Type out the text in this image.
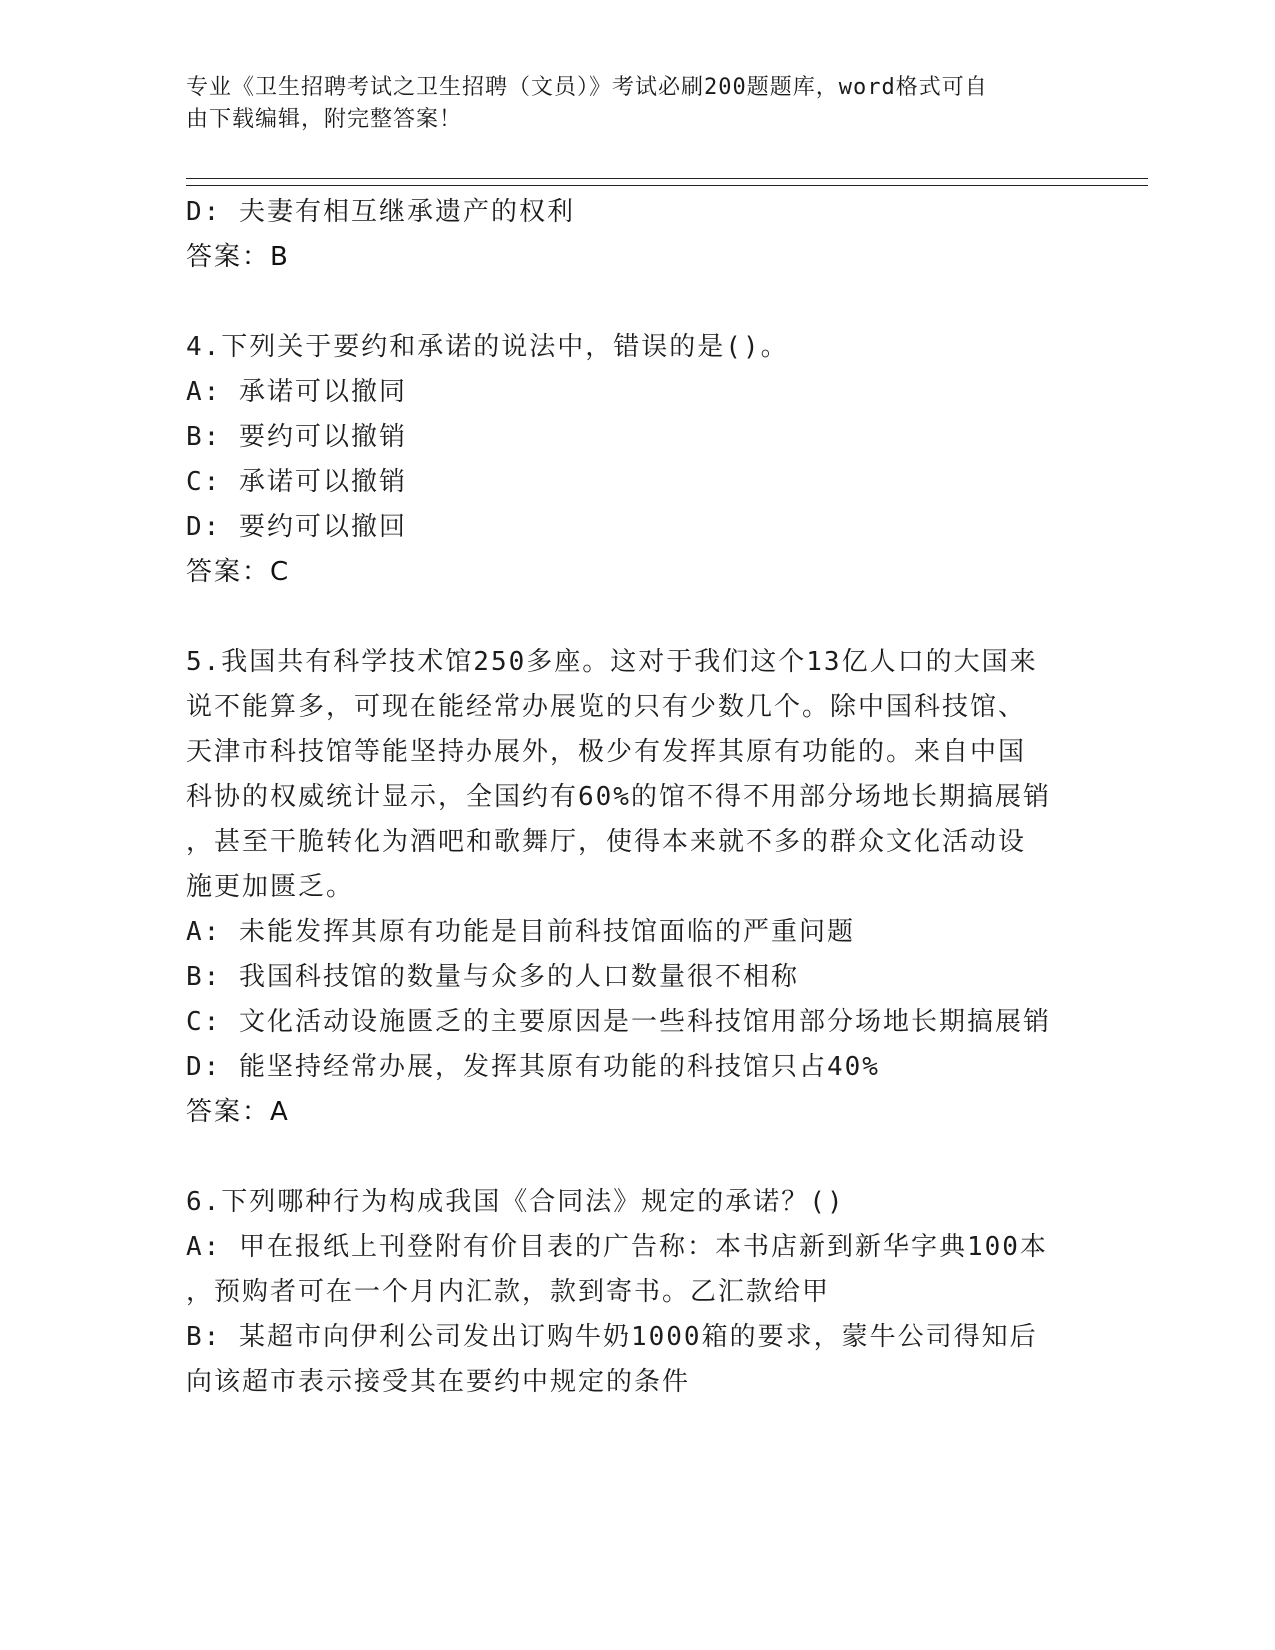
专业《卫生招聘考试之卫生招聘（文员）》考试必刷200题题库，word格式可自
由下载编辑，附完整答案！
D: 夫妻有相互继承遗产的权利
答案：B
4.下列关于要约和承诺的说法中，错误的是()。
A: 承诺可以撤同
B: 要约可以撤销
C: 承诺可以撤销
D: 要约可以撤回
答案：C
5.我国共有科学技术馆250多座。这对于我们这个13亿人口的大国来
说不能算多，可现在能经常办展览的只有少数几个。除中国科技馆、
天津市科技馆等能坚持办展外，极少有发挥其原有功能的。来自中国
科协的权威统计显示，全国约有60%的馆不得不用部分场地长期搞展销
，甚至干脆转化为酒吧和歌舞厅，使得本来就不多的群众文化活动设
施更加匮乏。
A: 未能发挥其原有功能是目前科技馆面临的严重问题
B: 我国科技馆的数量与众多的人口数量很不相称
C: 文化活动设施匮乏的主要原因是一些科技馆用部分场地长期搞展销
D: 能坚持经常办展，发挥其原有功能的科技馆只占40%
答案：A
6.下列哪种行为构成我国《合同法》规定的承诺？()
A: 甲在报纸上刊登附有价目表的广告称：本书店新到新华字典100本
，预购者可在一个月内汇款，款到寄书。乙汇款给甲
B: 某超市向伊利公司发出订购牛奶1000箱的要求，蒙牛公司得知后
向该超市表示接受其在要约中规定的条件
